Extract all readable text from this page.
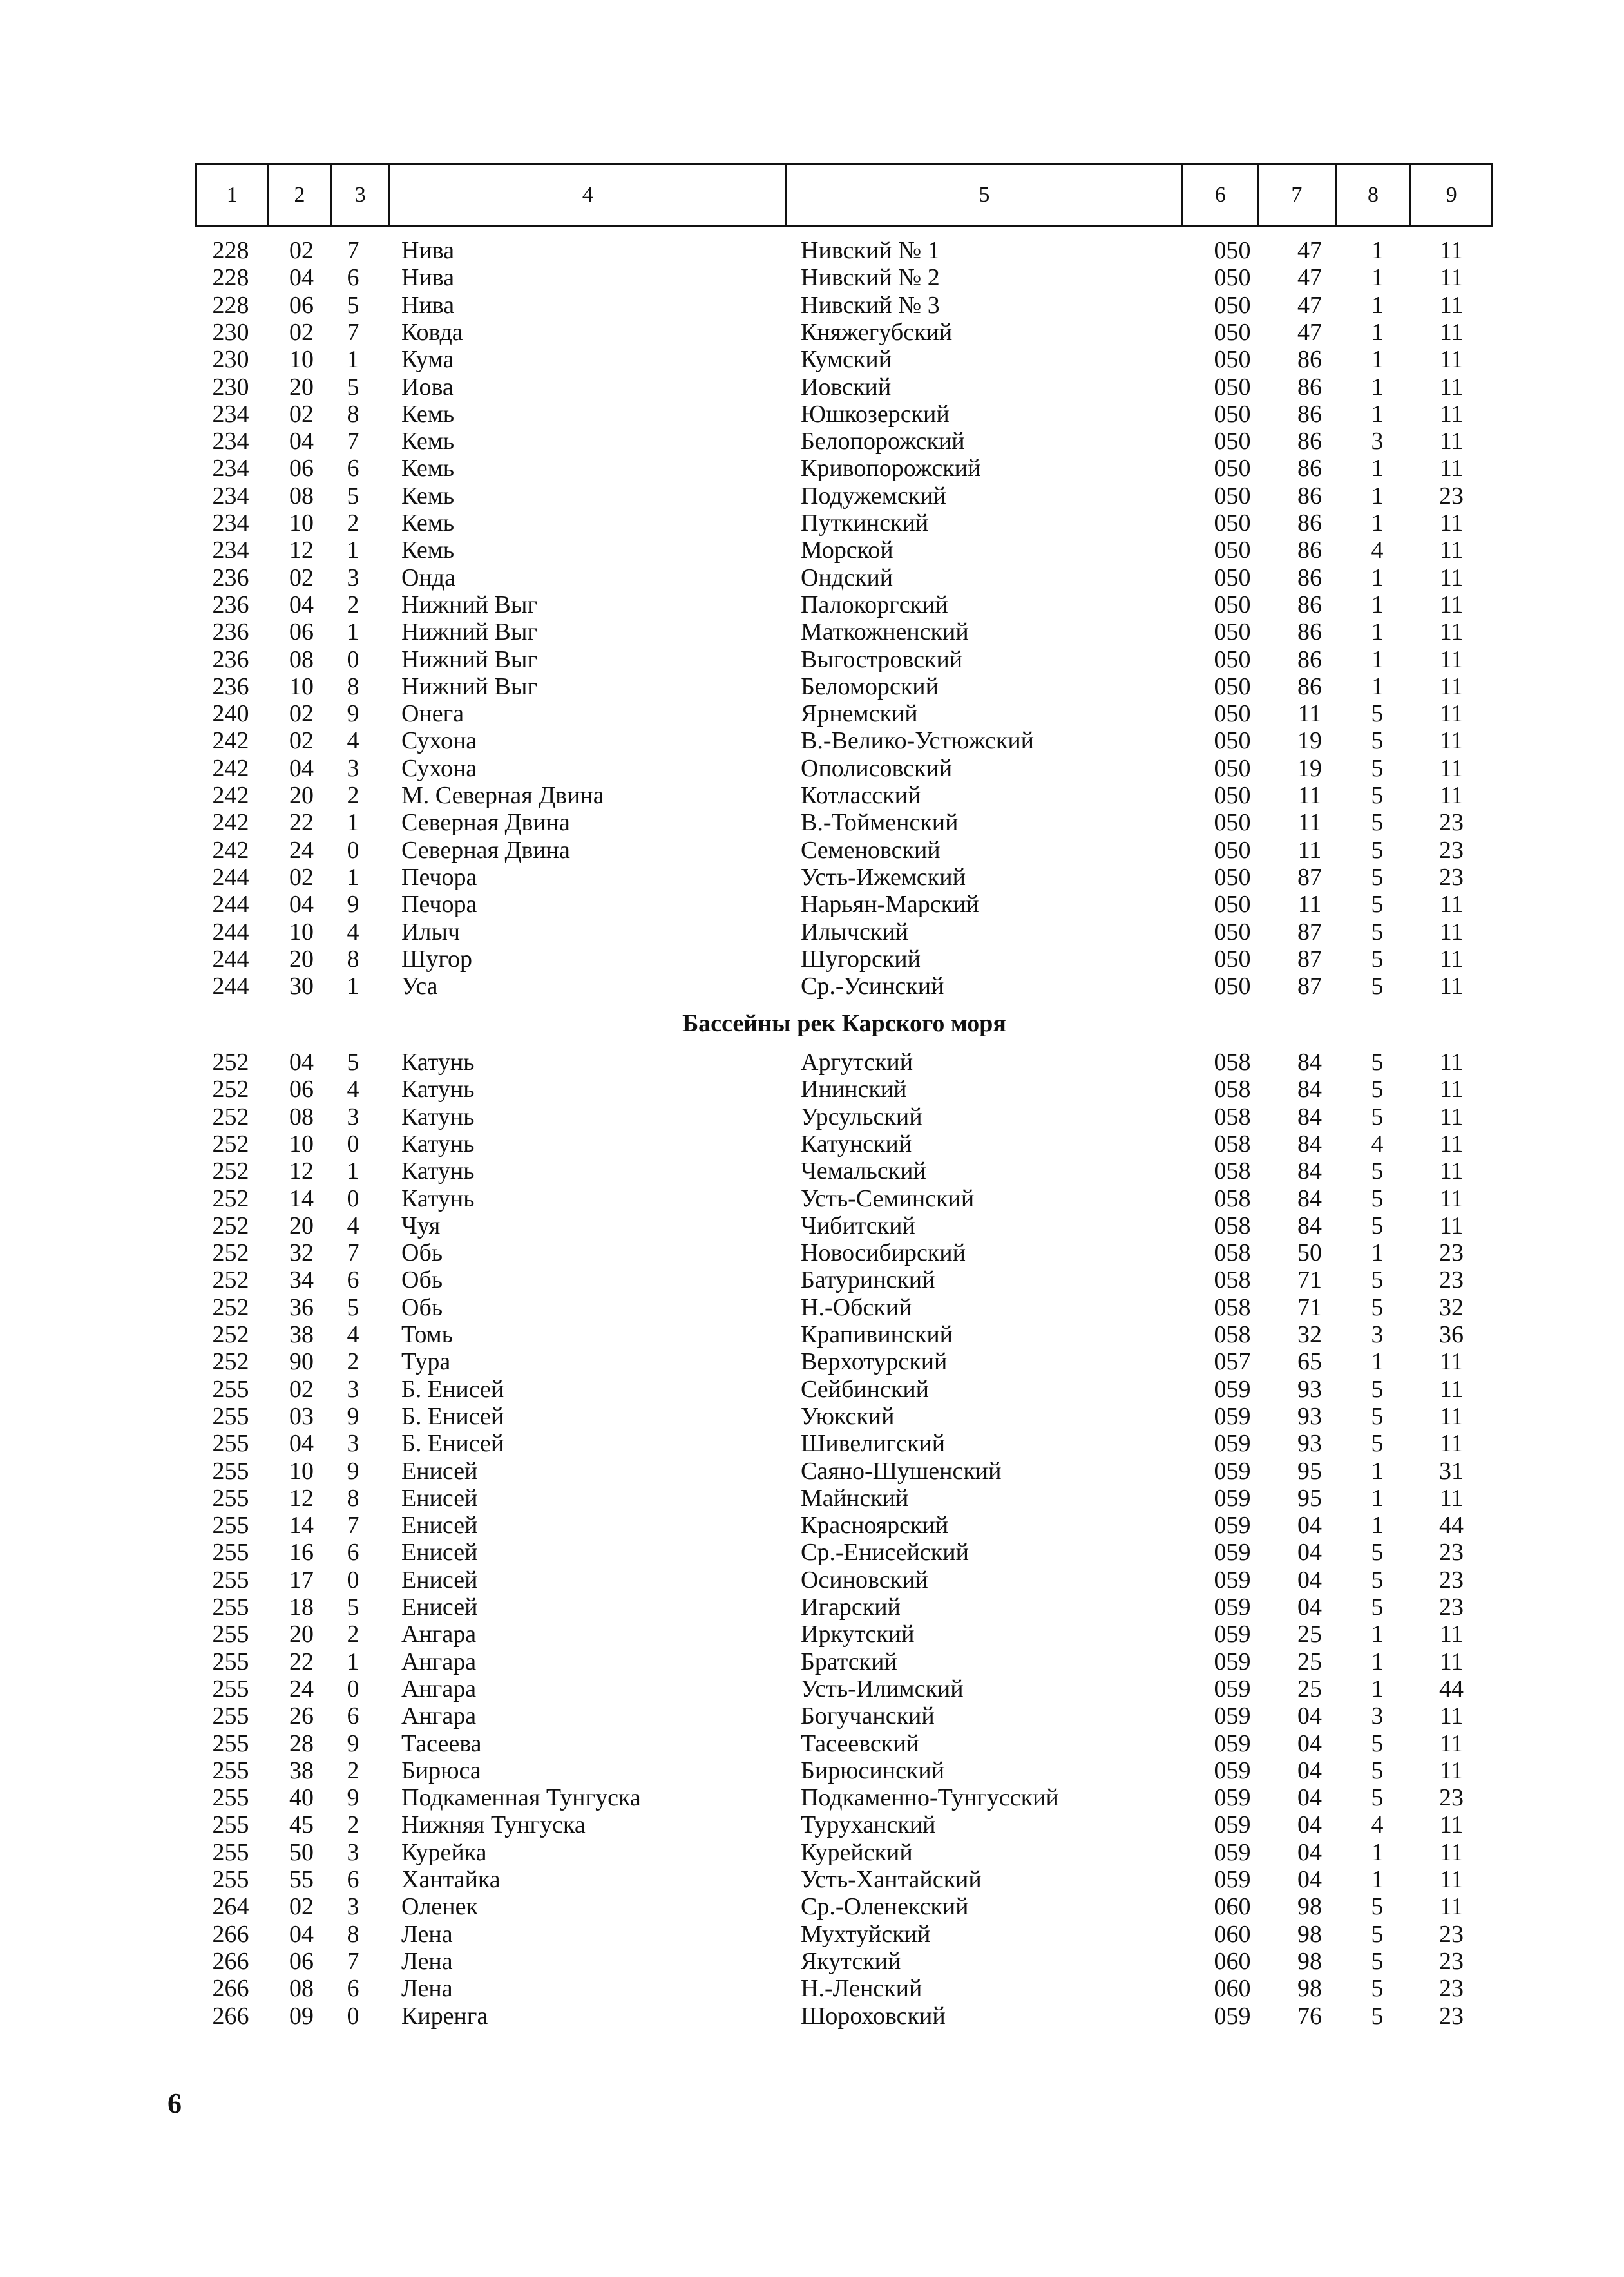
1	2	3	4	5	6	7	8	9
228	02	7	Нива	Нивский № 1	050	47	1	11
228	04	6	Нива	Нивский № 2	050	47	1	11
228	06	5	Нива	Нивский № 3	050	47	1	11
230	02	7	Ковда	Княжегубский	050	47	1	11
230	10	1	Кума	Кумский	050	86	1	11
230	20	5	Иова	Иовский	050	86	1	11
234	02	8	Кемь	Юшкозерский	050	86	1	11
234	04	7	Кемь	Белопорожский	050	86	3	11
234	06	6	Кемь	Кривопорожский	050	86	1	11
234	08	5	Кемь	Подужемский	050	86	1	23
234	10	2	Кемь	Путкинский	050	86	1	11
234	12	1	Кемь	Морской	050	86	4	11
236	02	3	Онда	Ондский	050	86	1	11
236	04	2	Нижний Выг	Палокоргский	050	86	1	11
236	06	1	Нижний Выг	Маткожненский	050	86	1	11
236	08	0	Нижний Выг	Выгостровский	050	86	1	11
236	10	8	Нижний Выг	Беломорский	050	86	1	11
240	02	9	Онега	Ярнемский	050	11	5	11
242	02	4	Сухона	В.-Велико-Устюжский	050	19	5	11
242	04	3	Сухона	Ополисовский	050	19	5	11
242	20	2	М. Северная Двина	Котласский	050	11	5	11
242	22	1	Северная Двина	В.-Тойменский	050	11	5	23
242	24	0	Северная Двина	Семеновский	050	11	5	23
244	02	1	Печора	Усть-Ижемский	050	87	5	23
244	04	9	Печора	Нарьян-Марский	050	11	5	11
244	10	4	Илыч	Илычский	050	87	5	11
244	20	8	Шугор	Шугорский	050	87	5	11
244	30	1	Уса	Ср.-Усинский	050	87	5	11
Бассейны рек Карского моря
252	04	5	Катунь	Аргутский	058	84	5	11
252	06	4	Катунь	Ининский	058	84	5	11
252	08	3	Катунь	Урсульский	058	84	5	11
252	10	0	Катунь	Катунский	058	84	4	11
252	12	1	Катунь	Чемальский	058	84	5	11
252	14	0	Катунь	Усть-Семинский	058	84	5	11
252	20	4	Чуя	Чибитский	058	84	5	11
252	32	7	Обь	Новосибирский	058	50	1	23
252	34	6	Обь	Батуринский	058	71	5	23
252	36	5	Обь	Н.-Обский	058	71	5	32
252	38	4	Томь	Крапивинский	058	32	3	36
252	90	2	Тура	Верхотурский	057	65	1	11
255	02	3	Б. Енисей	Сейбинский	059	93	5	11
255	03	9	Б. Енисей	Уюкский	059	93	5	11
255	04	3	Б. Енисей	Шивелигский	059	93	5	11
255	10	9	Енисей	Саяно-Шушенский	059	95	1	31
255	12	8	Енисей	Майнский	059	95	1	11
255	14	7	Енисей	Красноярский	059	04	1	44
255	16	6	Енисей	Ср.-Енисейский	059	04	5	23
255	17	0	Енисей	Осиновский	059	04	5	23
255	18	5	Енисей	Игарский	059	04	5	23
255	20	2	Ангара	Иркутский	059	25	1	11
255	22	1	Ангара	Братский	059	25	1	11
255	24	0	Ангара	Усть-Илимский	059	25	1	44
255	26	6	Ангара	Богучанский	059	04	3	11
255	28	9	Тасеева	Тасеевский	059	04	5	11
255	38	2	Бирюса	Бирюсинский	059	04	5	11
255	40	9	Подкаменная Тунгуска	Подкаменно-Тунгусский	059	04	5	23
255	45	2	Нижняя Тунгуска	Туруханский	059	04	4	11
255	50	3	Курейка	Курейский	059	04	1	11
255	55	6	Хантайка	Усть-Хантайский	059	04	1	11
264	02	3	Оленек	Ср.-Оленекский	060	98	5	11
266	04	8	Лена	Мухтуйский	060	98	5	23
266	06	7	Лена	Якутский	060	98	5	23
266	08	6	Лена	Н.-Ленский	060	98	5	23
266	09	0	Киренга	Шороховский	059	76	5	23
6
